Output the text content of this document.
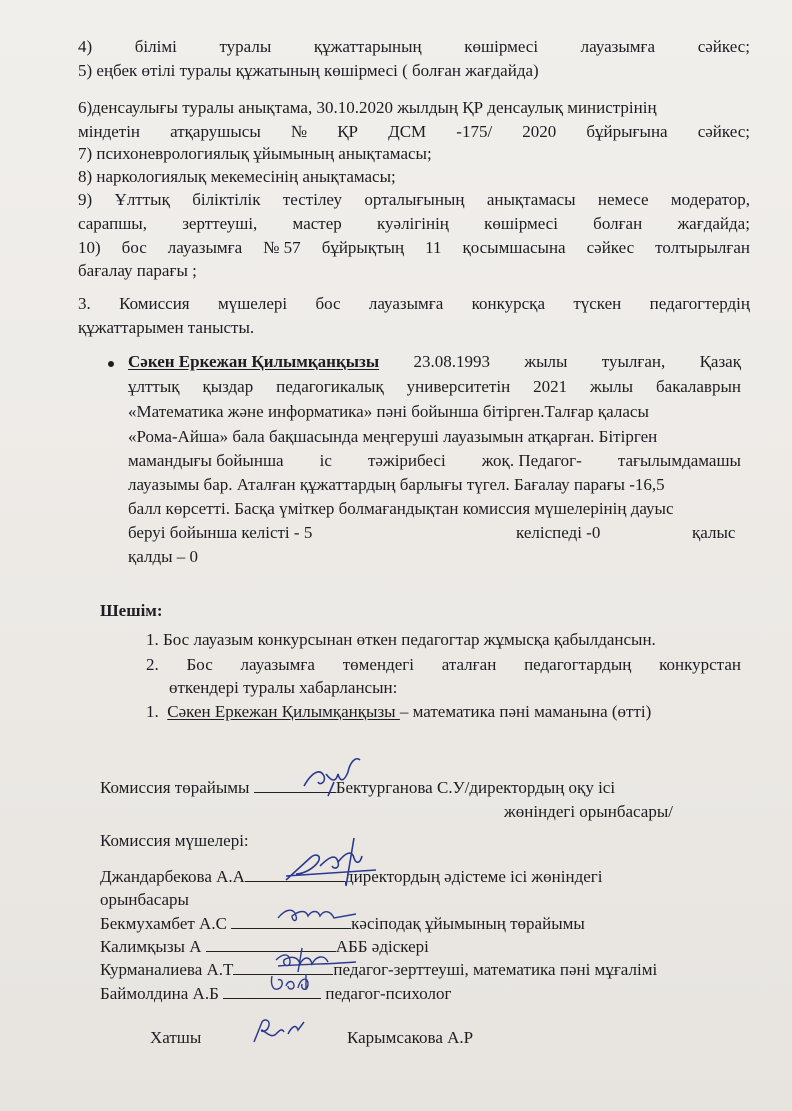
4)	білімі	туралы	құжаттарының	көшірмесі	лауазымға	сәйкес;
5) еңбек өтілі туралы құжатының көшірмесі ( болған жағдайда)
6)денсаулығы туралы анықтама, 30.10.2020 жылдың ҚР денсаулық министрінің
міндетін атқарушысы № ҚР ДСМ -175/ 2020 бұйрығына сәйкес;
7) психоневрологиялық ұйымының анықтамасы;
8) наркологиялық мекемесінің анықтамасы;
9) Ұлттық біліктілік тестілеу орталығының анықтамасы немесе модератор,
сарапшы, зерттеуші, мастер куәлігінің көшірмесі болған жағдайда;
10) бос лауазымға № 57 бұйрықтың 11 қосымшасына сәйкес толтырылған
бағалау парағы ;
3. Комиссия мүшелері бос лауазымға конкурсқа түскен педагогтердің
құжаттарымен танысты.
Сәкен Еркежан Қилымқанқызы 23.08.1993 жылы туылған, Қазақ
ұлттық қыздар педагогикалық университетін 2021 жылы бакалаврын
«Математика және информатика» пәні бойынша бітірген.Талғар қаласы
«Рома-Айша» бала бақшасында меңгеруші лауазымын атқарған. Бітірген
мамандығы бойынша іс тәжірибесі жоқ. Педагог- тағылымдамашы
лауазымы бар. Аталған құжаттардың барлығы түгел. Бағалау парағы -16,5
балл көрсетті. Басқа үміткер болмағандықтан комиссия мүшелерінің дауыс
беруі бойынша келісті - 5	келіспеді -0	қалыс
қалды – 0
Шешім:
1. Бос лауазым конкурсынан өткен педагогтар жұмысқа қабылдансын.
2. Бос лауазымға төмендегі аталған педагогтардың конкурстан
өткендері туралы хабарлансын:
1. Сәкен Еркежан Қилымқанқызы – математика пәні маманына (өтті)
Комиссия төрайымы	Бектурганова С.У/директордың оқу ісі
жөніндегі орынбасары/
Комиссия мүшелері:
Джандарбекова А.А	директордың әдістеме ісі жөніндегі
орынбасары
Бекмухамбет А.С	кәсіподақ ұйымының төрайымы
Калимқызы А	АББ әдіскері
Курманалиева А.Т	педагог-зерттеуші, математика пәні мұғалімі
Баймолдина А.Б	педагог-психолог
Хатшы	Карымсакова А.Р
